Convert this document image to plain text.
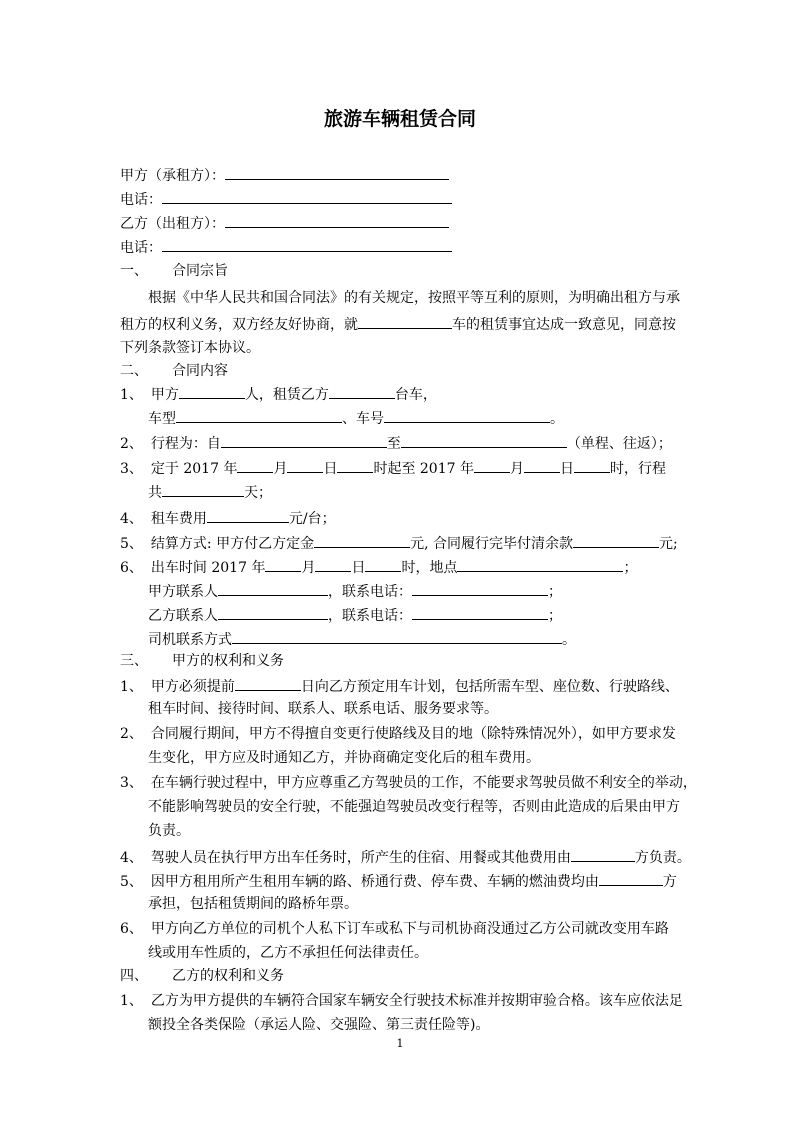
旅游车辆租赁合同
甲方（承租方）：
电话：
乙方（出租方）：
电话：
一、 合同宗旨
根据《中华人民共和国合同法》的有关规定，按照平等互利的原则，为明确出租方与承
租方的权利义务，双方经友好协商，就	车的租赁事宜达成一致意见，同意按
下列条款签订本协议。
二、 合同内容
1、 甲方	人，租赁乙方	台车，
车型	、车号	。
2、 行程为：自	至	（单程、往返）；
3、 定于 2017 年	月	日	时起至 2017 年	月	日	时，行程
共	天；
4、 租车费用	元/台；
5、 结算方式: 甲方付乙方定金	元, 合同履行完毕付清余款	元;
6、 出车时间 2017 年	月	日	时，地点	；
甲方联系人	，联系电话：	；
乙方联系人	，联系电话：	；
司机联系方式	。
三、 甲方的权利和义务
1、 甲方必须提前	日向乙方预定用车计划，包括所需车型、座位数、行驶路线、
租车时间、接待时间、联系人、联系电话、服务要求等。
2、 合同履行期间，甲方不得擅自变更行使路线及目的地（除特殊情况外），如甲方要求发
生变化，甲方应及时通知乙方，并协商确定变化后的租车费用。
3、 在车辆行驶过程中，甲方应尊重乙方驾驶员的工作，不能要求驾驶员做不利安全的举动，
不能影响驾驶员的安全行驶，不能强迫驾驶员改变行程等，否则由此造成的后果由甲方
负责。
4、 驾驶人员在执行甲方出车任务时，所产生的住宿、用餐或其他费用由	方负责。
5、 因甲方租用所产生租用车辆的路、桥通行费、停车费、车辆的燃油费均由	方
承担，包括租赁期间的路桥年票。
6、 甲方向乙方单位的司机个人私下订车或私下与司机协商没通过乙方公司就改变用车路
线或用车性质的，乙方不承担任何法律责任。
四、 乙方的权利和义务
1、 乙方为甲方提供的车辆符合国家车辆安全行驶技术标准并按期审验合格。该车应依法足
额投全各类保险（承运人险、交强险、第三责任险等)。
1
